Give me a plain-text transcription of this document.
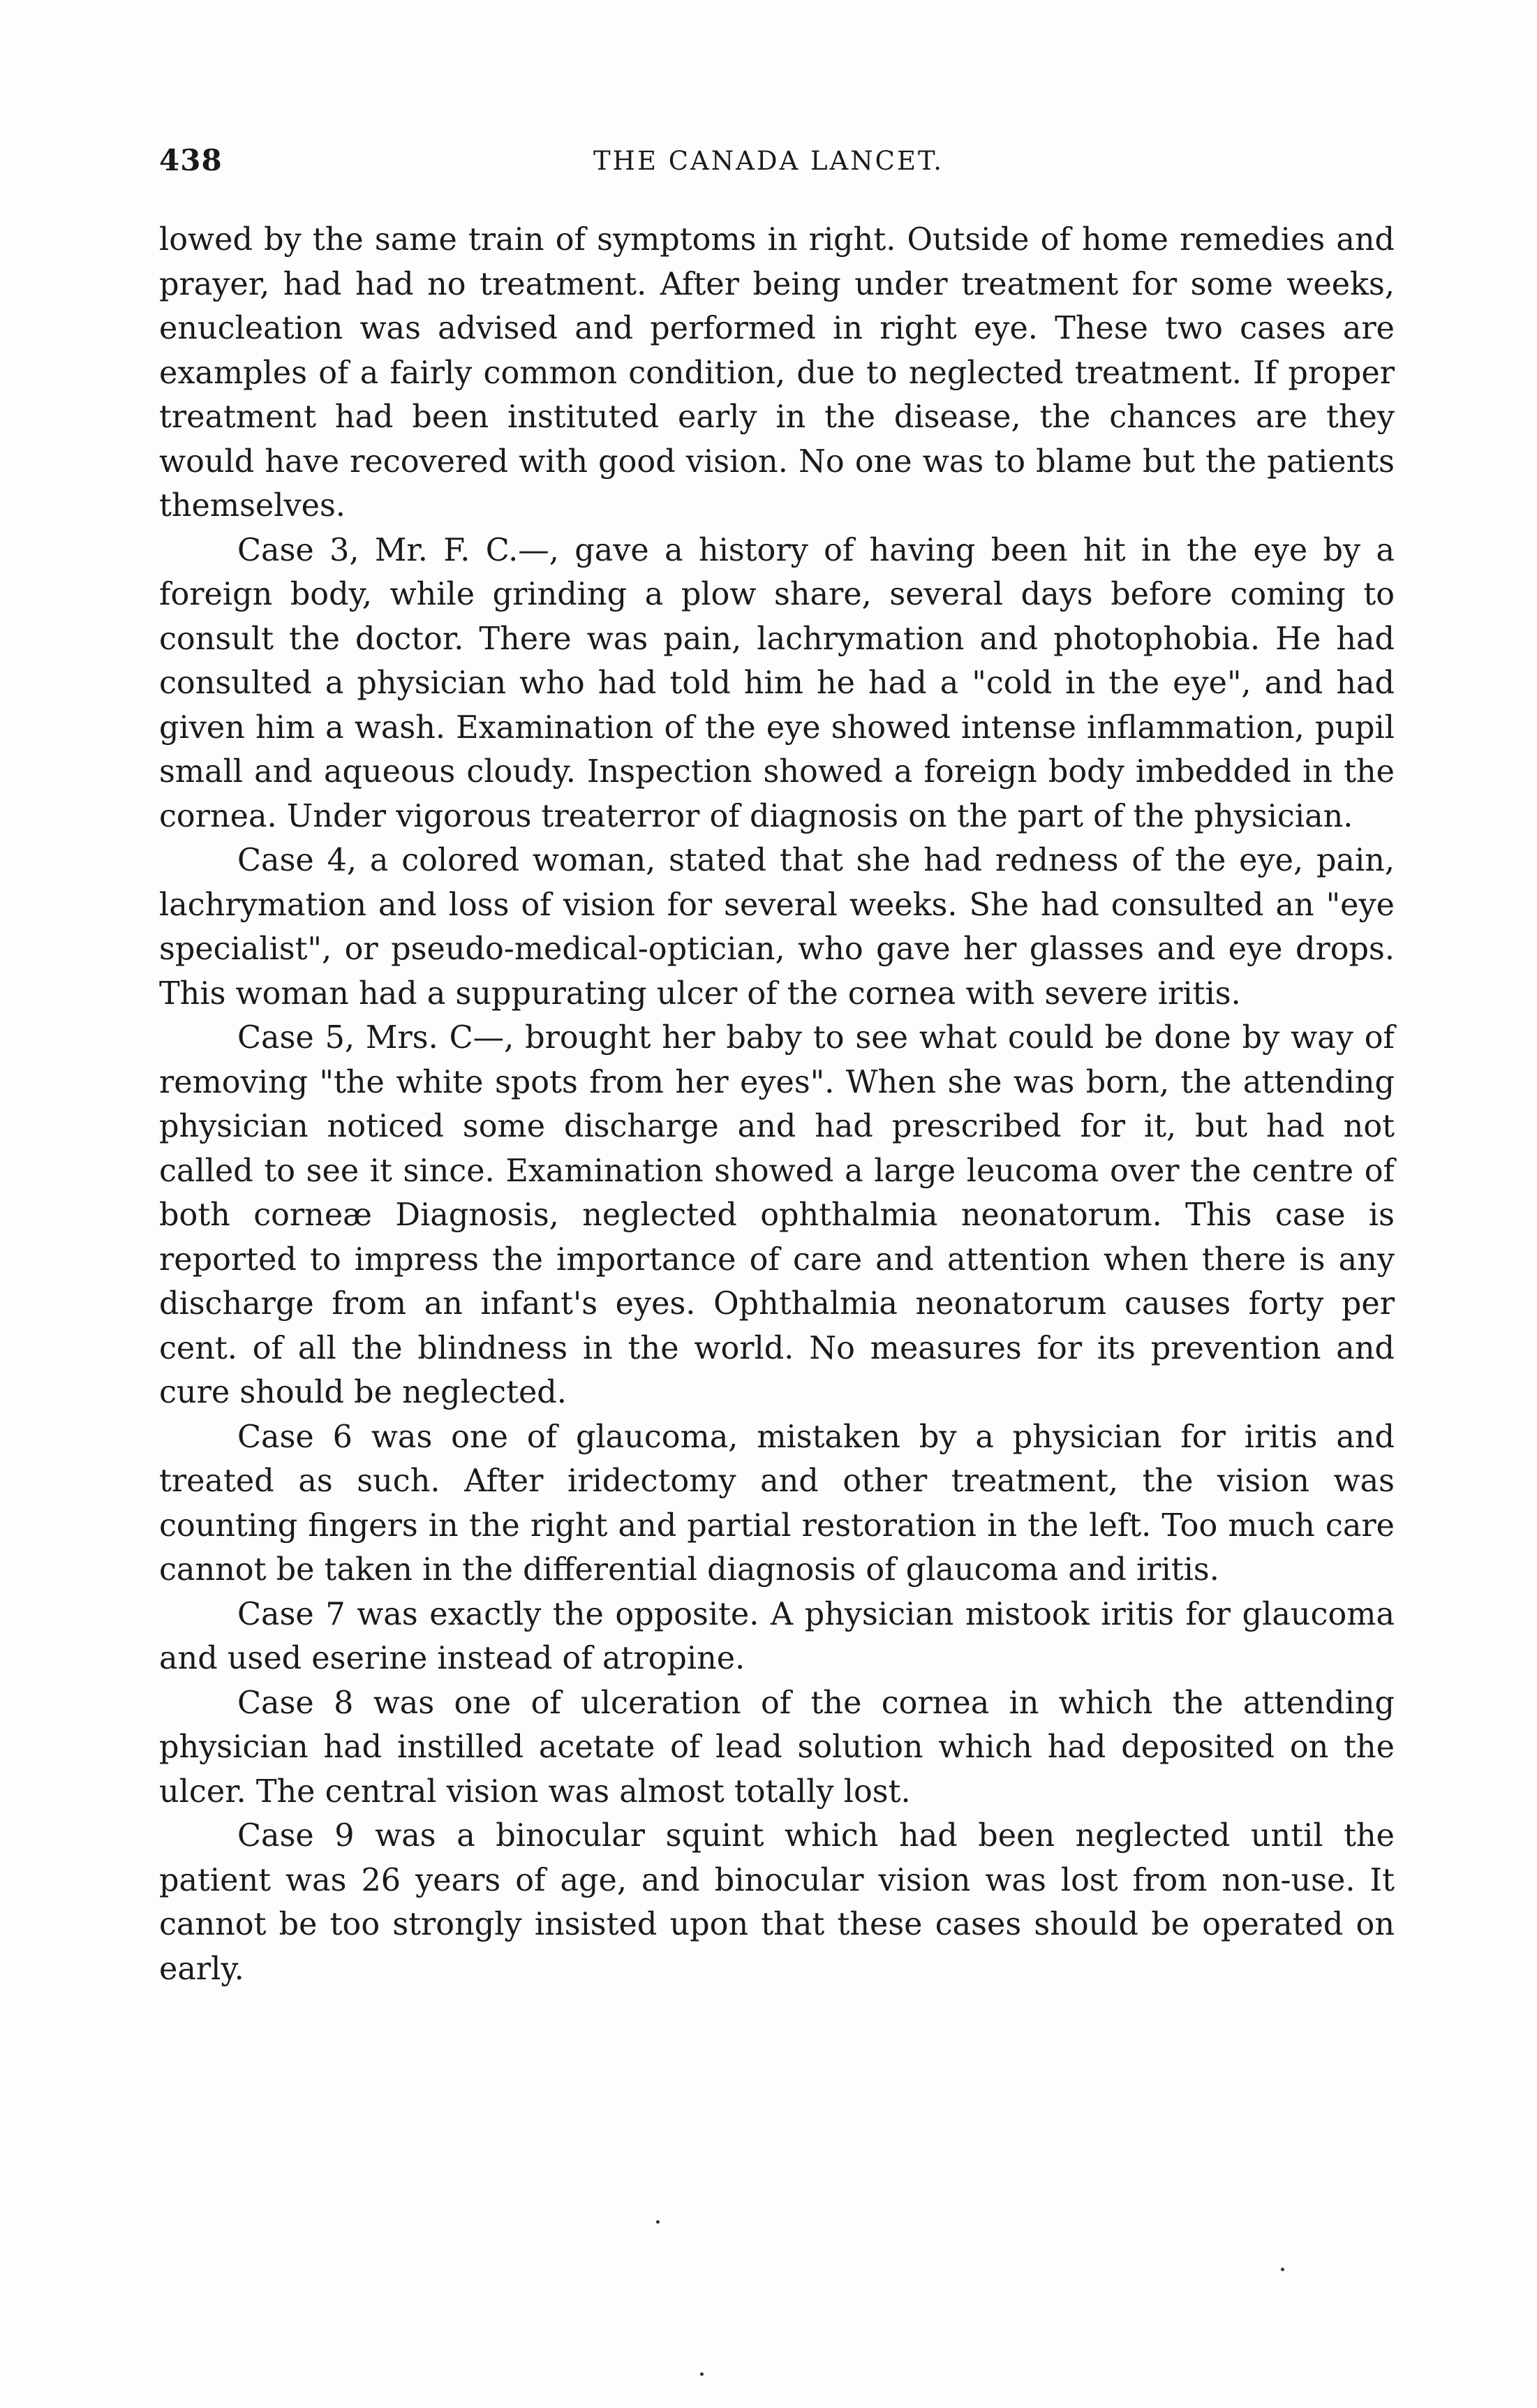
438	THE CANADA LANCET.

lowed by the same train of symptoms in right. Outside of home remedies and prayer, had had no treatment. After being under treatment for some weeks, enucleation was advised and performed in right eye. These two cases are examples of a fairly common condition, due to neglected treatment. If proper treatment had been instituted early in the disease, the chances are they would have recovered with good vision. No one was to blame but the patients themselves.

Case 3, Mr. F. C.—, gave a history of having been hit in the eye by a foreign body, while grinding a plow share, several days before coming to consult the doctor. There was pain, lachrymation and photophobia. He had consulted a physician who had told him he had a "cold in the eye", and had given him a wash. Examination of the eye showed intense inflammation, pupil small and aqueous cloudy. Inspection showed a foreign body imbedded in the cornea. Under vigorous treaterror of diagnosis on the part of the physician.

Case 4, a colored woman, stated that she had redness of the eye, pain, lachrymation and loss of vision for several weeks. She had consulted an "eye specialist", or pseudo-medical-optician, who gave her glasses and eye drops. This woman had a suppurating ulcer of the cornea with severe iritis.

Case 5, Mrs. C—, brought her baby to see what could be done by way of removing "the white spots from her eyes". When she was born, the attending physician noticed some discharge and had prescribed for it, but had not called to see it since. Examination showed a large leucoma over the centre of both corneæ Diagnosis, neglected ophthalmia neonatorum. This case is reported to impress the importance of care and attention when there is any discharge from an infant's eyes. Ophthalmia neonatorum causes forty per cent. of all the blindness in the world. No measures for its prevention and cure should be neglected.

Case 6 was one of glaucoma, mistaken by a physician for iritis and treated as such. After iridectomy and other treatment, the vision was counting fingers in the right and partial restoration in the left. Too much care cannot be taken in the differential diagnosis of glaucoma and iritis.

Case 7 was exactly the opposite. A physician mistook iritis for glaucoma and used eserine instead of atropine.

Case 8 was one of ulceration of the cornea in which the attending physician had instilled acetate of lead solution which had deposited on the ulcer. The central vision was almost totally lost.

Case 9 was a binocular squint which had been neglected until the patient was 26 years of age, and binocular vision was lost from non-use. It cannot be too strongly insisted upon that these cases should be operated on early.
